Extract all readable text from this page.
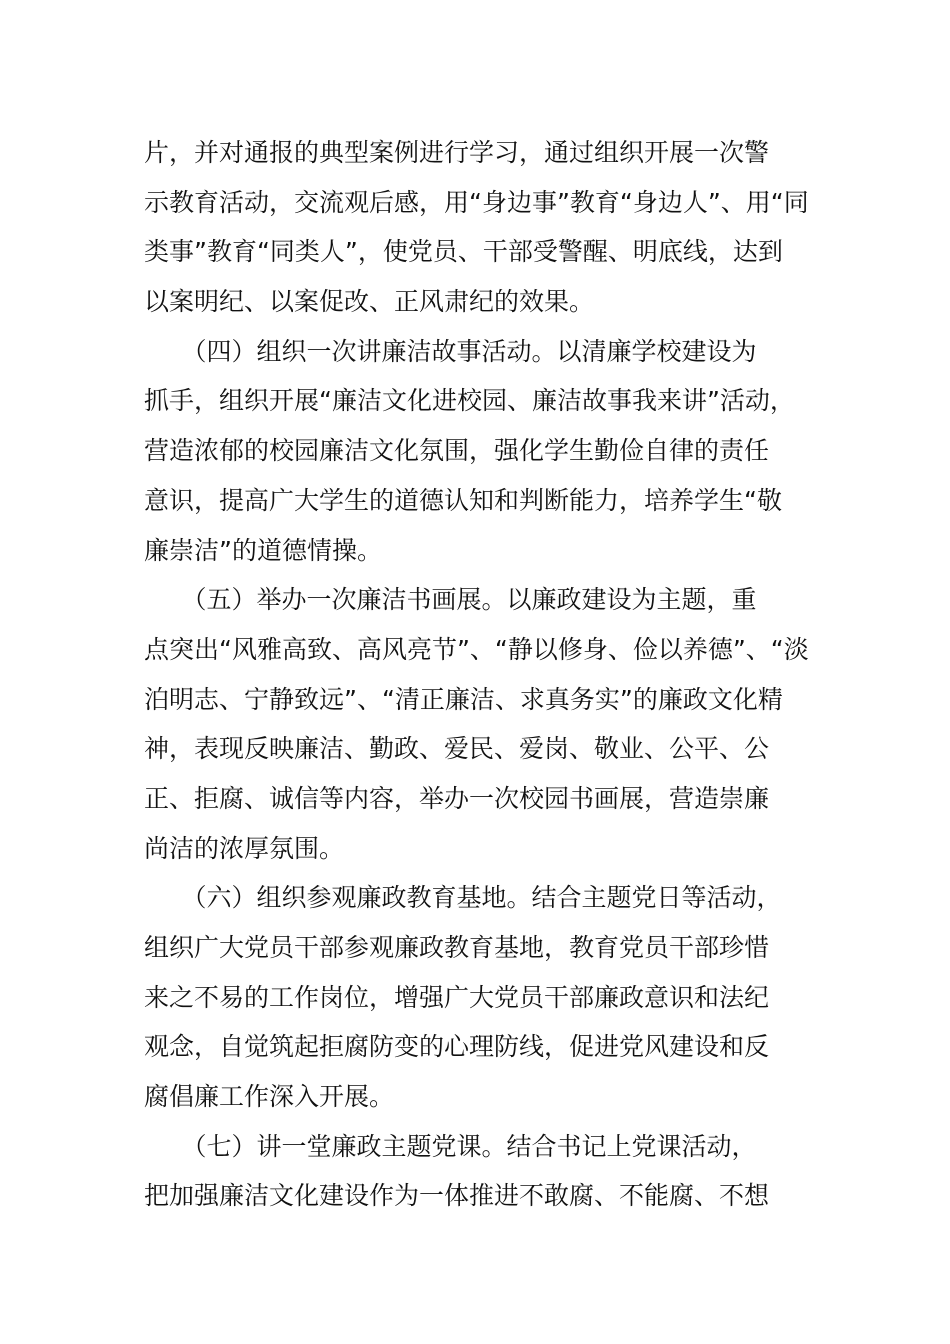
片，并对通报的典型案例进行学习，通过组织开展一次警
示教育活动，交流观后感，用“身边事”教育“身边人”、用“同
类事”教育“同类人”，使党员、干部受警醒、明底线，达到
以案明纪、以案促改、正风肃纪的效果。
　　（四）组织一次讲廉洁故事活动。以清廉学校建设为
抓手，组织开展“廉洁文化进校园、廉洁故事我来讲”活动，
营造浓郁的校园廉洁文化氛围，强化学生勤俭自律的责任
意识，提高广大学生的道德认知和判断能力，培养学生“敬
廉崇洁”的道德情操。
　　（五）举办一次廉洁书画展。以廉政建设为主题，重
点突出“风雅高致、高风亮节”、“静以修身、俭以养德”、“淡
泊明志、宁静致远”、“清正廉洁、求真务实”的廉政文化精
神，表现反映廉洁、勤政、爱民、爱岗、敬业、公平、公
正、拒腐、诚信等内容，举办一次校园书画展，营造崇廉
尚洁的浓厚氛围。
　　（六）组织参观廉政教育基地。结合主题党日等活动，
组织广大党员干部参观廉政教育基地，教育党员干部珍惜
来之不易的工作岗位，增强广大党员干部廉政意识和法纪
观念，自觉筑起拒腐防变的心理防线，促进党风建设和反
腐倡廉工作深入开展。
　　（七）讲一堂廉政主题党课。结合书记上党课活动，
把加强廉洁文化建设作为一体推进不敢腐、不能腐、不想
